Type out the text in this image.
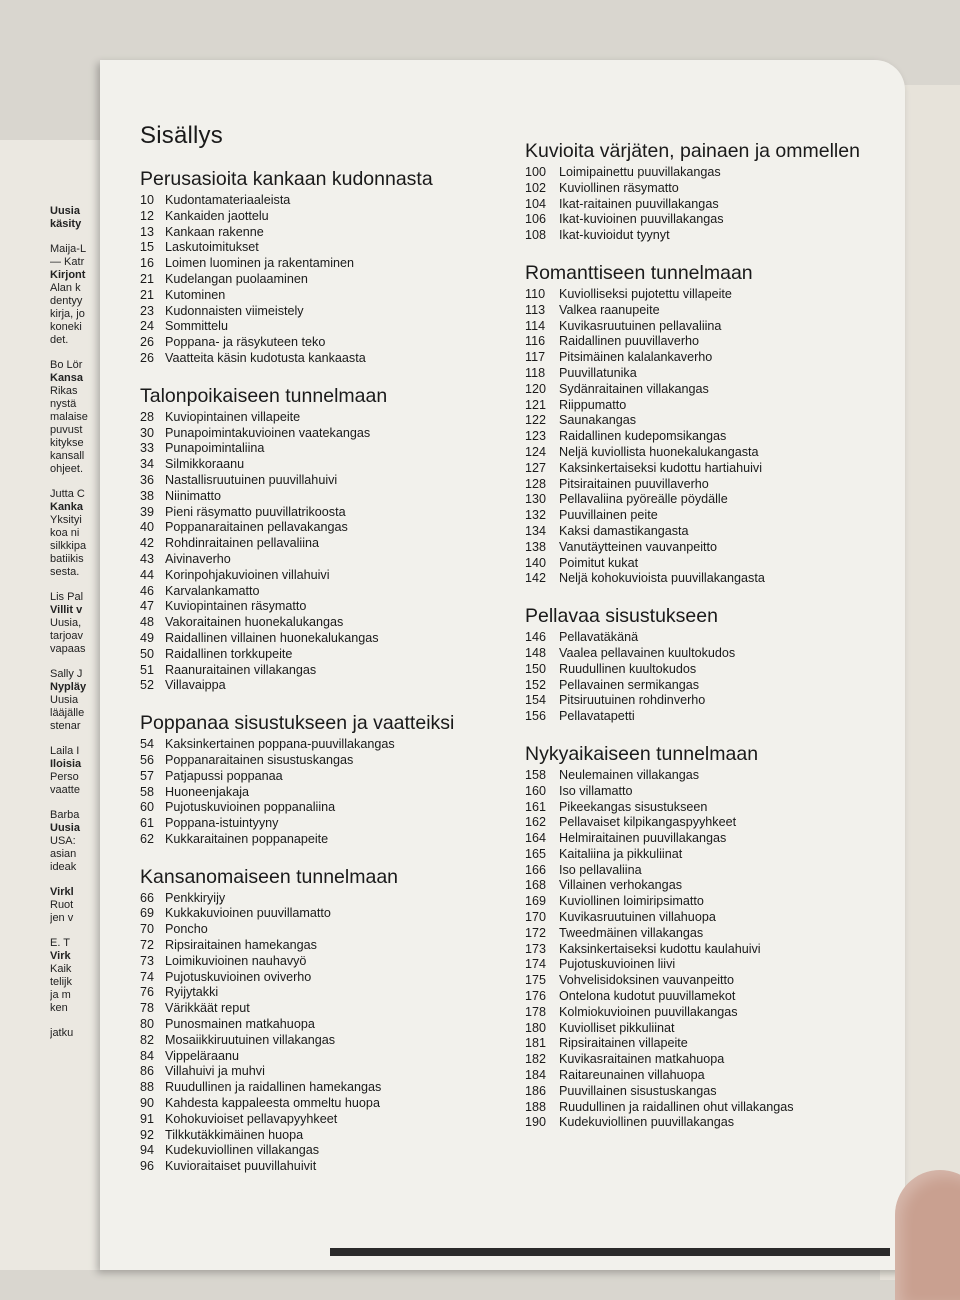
Uusia
käsity
Maija-L
— Katr
Kirjont
Alan k
dentyy
kirja, jo
koneki
det.
Bo Lör
Kansa
Rikas
nystä
malaise
puvust
kitykse
kansall
ohjeet.
Jutta C
Kanka
Yksityi
koa ni
silkkipa
batiikis
sesta.
Lis Pal
Villit v
Uusia,
tarjoav
vapaas
Sally J
Nypläy
Uusia
lääjälle
stenar
Laila I
Iloisia
Perso
vaatte
Barba
Uusia
USA:
asian
ideak
Virkl
Ruot
jen v
E. T
Virk
Kaik
telijk
ja m
ken
jatku
Sisällys
Perusasioita kankaan kudonnasta
10 Kudontamateriaaleista
12 Kankaiden jaottelu
13 Kankaan rakenne
15 Laskutoimitukset
16 Loimen luominen ja rakentaminen
21 Kudelangan puolaaminen
21 Kutominen
23 Kudonnaisten viimeistely
24 Sommittelu
26 Poppana- ja räsykuteen teko
26 Vaatteita käsin kudotusta kankaasta
Talonpoikaiseen tunnelmaan
28 Kuviopintainen villapeite
30 Punapoimintakuvioinen vaatekangas
33 Punapoimintaliina
34 Silmikkoraanu
36 Nastallisruutuinen puuvillahuivi
38 Niinimatto
39 Pieni räsymatto puuvillatrikoosta
40 Poppanaraitainen pellavakangas
42 Rohdinraitainen pellavaliina
43 Aivinaverho
44 Korinpohjakuvioinen villahuivi
46 Karvalankamatto
47 Kuviopintainen räsymatto
48 Vakoraitainen huonekalukangas
49 Raidallinen villainen huonekalukangas
50 Raidallinen torkkupeite
51 Raanuraitainen villakangas
52 Villavaippa
Poppanaa sisustukseen ja vaatteiksi
54 Kaksinkertainen poppana-puuvillakangas
56 Poppanaraitainen sisustuskangas
57 Patjapussi poppanaa
58 Huoneenjakaja
60 Pujotuskuvioinen poppanaliina
61 Poppana-istuintyyny
62 Kukkaraitainen poppanapeite
Kansanomaiseen tunnelmaan
66 Penkkiryijy
69 Kukkakuvioinen puuvillamatto
70 Poncho
72 Ripsiraitainen hamekangas
73 Loimikuvioinen nauhavyö
74 Pujotuskuvioinen oviverho
76 Ryijytakki
78 Värikkäät reput
80 Punosmainen matkahuopa
82 Mosaiikkiruutuinen villakangas
84 Vippeläraanu
86 Villahuivi ja muhvi
88 Ruudullinen ja raidallinen hamekangas
90 Kahdesta kappaleesta ommeltu huopa
91 Kohokuvioiset pellavapyyhkeet
92 Tilkkutäkkimäinen huopa
94 Kudekuviollinen villakangas
96 Kuvioraitaiset puuvillahuivit
Kuvioita värjäten, painaen ja ommellen
100 Loimipainettu puuvillakangas
102 Kuviollinen räsymatto
104 Ikat-raitainen puuvillakangas
106 Ikat-kuvioinen puuvillakangas
108 Ikat-kuvioidut tyynyt
Romanttiseen tunnelmaan
110 Kuviolliseksi pujotettu villapeite
113 Valkea raanupeite
114 Kuvikasruutuinen pellavaliina
116 Raidallinen puuvillaverho
117 Pitsimäinen kalalankaverho
118 Puuvillatunika
120 Sydänraitainen villakangas
121 Riippumatto
122 Saunakangas
123 Raidallinen kudepomsikangas
124 Neljä kuviollista huonekalukangasta
127 Kaksinkertaiseksi kudottu hartiahuivi
128 Pitsiraitainen puuvillaverho
130 Pellavaliina pyöreälle pöydälle
132 Puuvillainen peite
134 Kaksi damastikangasta
138 Vanutäytteinen vauvanpeitto
140 Poimitut kukat
142 Neljä kohokuvioista puuvillakangasta
Pellavaa sisustukseen
146 Pellavatäkänä
148 Vaalea pellavainen kuultokudos
150 Ruudullinen kuultokudos
152 Pellavainen sermikangas
154 Pitsiruutuinen rohdinverho
156 Pellavatapetti
Nykyaikaiseen tunnelmaan
158 Neulemainen villakangas
160 Iso villamatto
161 Pikeekangas sisustukseen
162 Pellavaiset kilpikangaspyyhkeet
164 Helmiraitainen puuvillakangas
165 Kaitaliina ja pikkuliinat
166 Iso pellavaliina
168 Villainen verhokangas
169 Kuviollinen loimiripsimatto
170 Kuvikasruutuinen villahuopa
172 Tweedmäinen villakangas
173 Kaksinkertaiseksi kudottu kaulahuivi
174 Pujotuskuvioinen liivi
175 Vohvelisidoksinen vauvanpeitto
176 Ontelona kudotut puuvillamekot
178 Kolmiokuvioinen puuvillakangas
180 Kuviolliset pikkuliinat
181 Ripsiraitainen villapeite
182 Kuvikasraitainen matkahuopa
184 Raitareunainen villahuopa
186 Puuvillainen sisustuskangas
188 Ruudullinen ja raidallinen ohut villakangas
190 Kudekuviollinen puuvillakangas
